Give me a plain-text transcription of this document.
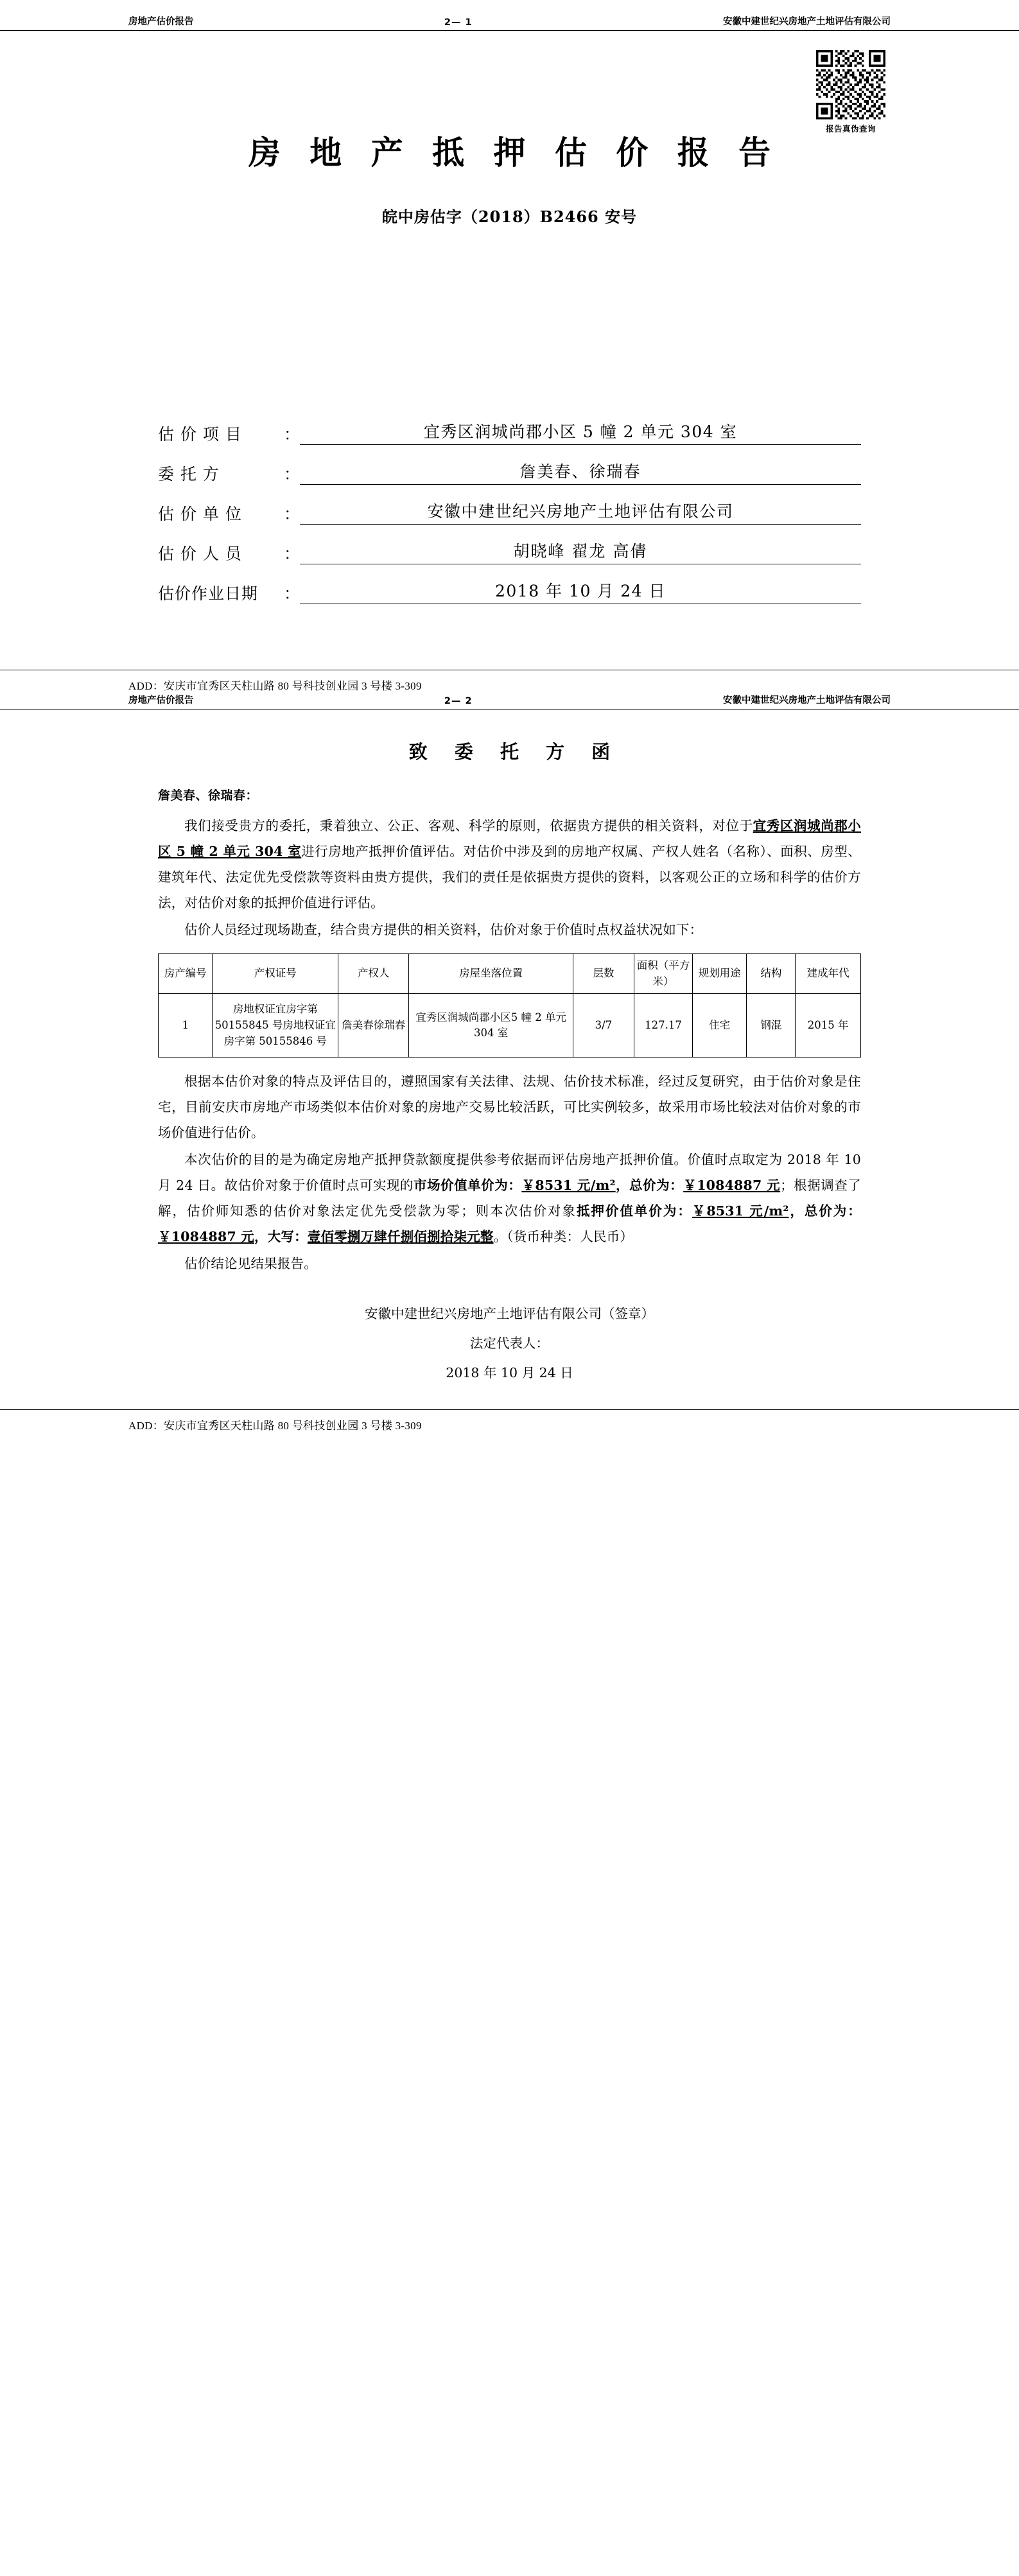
房地产估价报告	2— 1	安徽中建世纪兴房地产土地评估有限公司
报告真伪查询
房 地 产 抵 押 估 价 报 告
皖中房估字（2018）B2466 安号
估 价 项 目	：	宜秀区润城尚郡小区 5 幢 2 单元 304 室
委 托 方	：	詹美春、徐瑞春
估 价 单 位	：	安徽中建世纪兴房地产土地评估有限公司
估 价 人 员	：	胡晓峰 翟龙 高倩
估价作业日期	：	2018 年 10 月 24 日
ADD：安庆市宜秀区天柱山路 80 号科技创业园 3 号楼 3-309
房地产估价报告	2— 2	安徽中建世纪兴房地产土地评估有限公司
致 委 托 方 函
詹美春、徐瑞春：

我们接受贵方的委托，秉着独立、公正、客观、科学的原则，依据贵方提供的相关资料，对位于宜秀区润城尚郡小区 5 幢 2 单元 304 室进行房地产抵押价值评估。对估价中涉及到的房地产权属、产权人姓名（名称）、面积、房型、建筑年代、法定优先受偿款等资料由贵方提供，我们的责任是依据贵方提供的资料，以客观公正的立场和科学的估价方法，对估价对象的抵押价值进行评估。

估价人员经过现场勘查，结合贵方提供的相关资料，估价对象于价值时点权益状况如下：

房产编号	产权证号	产权人	房屋坐落位置	层数	面积（平方米）	规划用途	结构	建成年代
1	房地权证宜房字第 50155845 号房地权证宜房字第 50155846 号	詹美春徐瑞春	宜秀区润城尚郡小区5 幢 2 单元 304 室	3/7	127.17	住宅	钢混	2015 年

根据本估价对象的特点及评估目的，遵照国家有关法律、法规、估价技术标准，经过反复研究，由于估价对象是住宅，目前安庆市房地产市场类似本估价对象的房地产交易比较活跃，可比实例较多，故采用市场比较法对估价对象的市场价值进行估价。

本次估价的目的是为确定房地产抵押贷款额度提供参考依据而评估房地产抵押价值。价值时点取定为 2018 年 10 月 24 日。故估价对象于价值时点可实现的市场价值单价为：￥8531 元/m²，总价为：￥1084887 元；根据调查了解，估价师知悉的估价对象法定优先受偿款为零；则本次估价对象抵押价值单价为：￥8531 元/m²，总价为：￥1084887 元，大写：壹佰零捌万肆仟捌佰捌拾柒元整。（货币种类：人民币）

估价结论见结果报告。

安徽中建世纪兴房地产土地评估有限公司（签章）
法定代表人：
2018 年 10 月 24 日
ADD：安庆市宜秀区天柱山路 80 号科技创业园 3 号楼 3-309
